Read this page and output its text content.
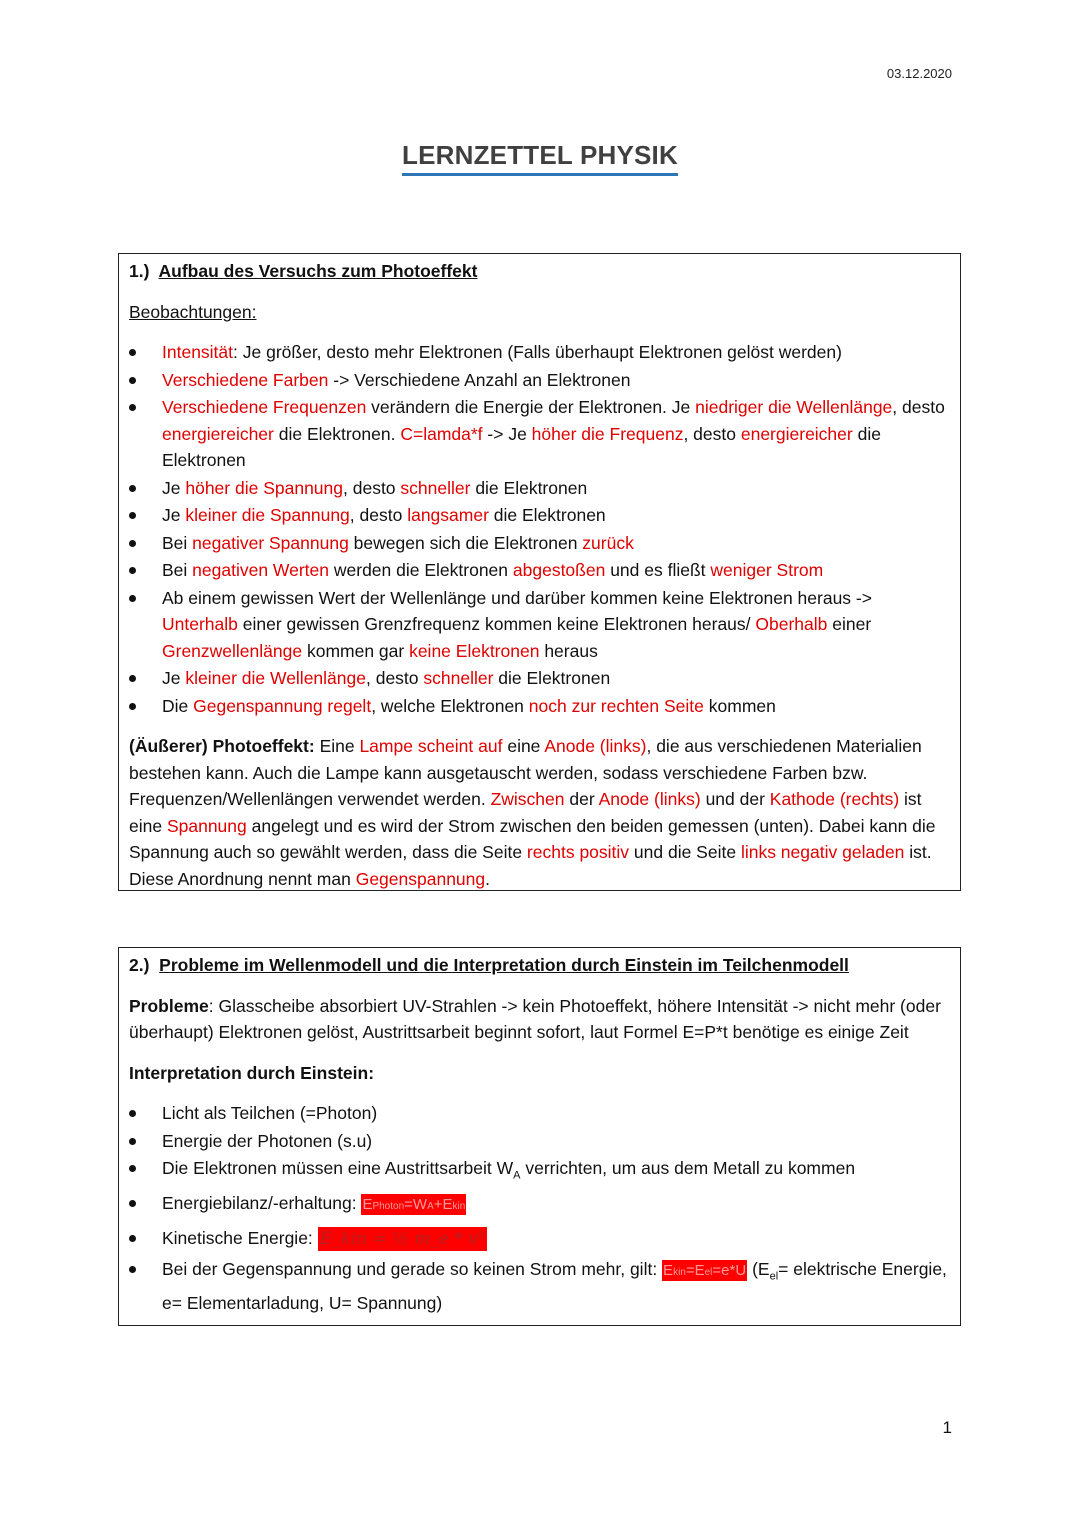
03.12.2020
LERNZETTEL PHYSIK
1.) Aufbau des Versuchs zum Photoeffekt
Beobachtungen:
Intensität: Je größer, desto mehr Elektronen (Falls überhaupt Elektronen gelöst werden)
Verschiedene Farben -> Verschiedene Anzahl an Elektronen
Verschiedene Frequenzen verändern die Energie der Elektronen. Je niedriger die Wellenlänge, desto energiereicher die Elektronen. C=lamda*f -> Je höher die Frequenz, desto energiereicher die Elektronen
Je höher die Spannung, desto schneller die Elektronen
Je kleiner die Spannung, desto langsamer die Elektronen
Bei negativer Spannung bewegen sich die Elektronen zurück
Bei negativen Werten werden die Elektronen abgestoßen und es fließt weniger Strom
Ab einem gewissen Wert der Wellenlänge und darüber kommen keine Elektronen heraus -> Unterhalb einer gewissen Grenzfrequenz kommen keine Elektronen heraus/ Oberhalb einer Grenzwellenlänge kommen gar keine Elektronen heraus
Je kleiner die Wellenlänge, desto schneller die Elektronen
Die Gegenspannung regelt, welche Elektronen noch zur rechten Seite kommen

(Äußerer) Photoeffekt: Eine Lampe scheint auf eine Anode (links), die aus verschiedenen Materialien bestehen kann. Auch die Lampe kann ausgetauscht werden, sodass verschiedene Farben bzw. Frequenzen/Wellenlängen verwendet werden. Zwischen der Anode (links) und der Kathode (rechts) ist eine Spannung angelegt und es wird der Strom zwischen den beiden gemessen (unten). Dabei kann die Spannung auch so gewählt werden, dass die Seite rechts positiv und die Seite links negativ geladen ist. Diese Anordnung nennt man Gegenspannung.

2.) Probleme im Wellenmodell und die Interpretation durch Einstein im Teilchenmodell

Probleme: Glasscheibe absorbiert UV-Strahlen -> kein Photoeffekt, höhere Intensität -> nicht mehr (oder überhaupt) Elektronen gelöst, Austrittsarbeit beginnt sofort, laut Formel E=P*t benötige es einige Zeit

Interpretation durch Einstein:
Licht als Teilchen (=Photon)
Energie der Photonen (s.u)
Die Elektronen müssen eine Austrittsarbeit $W_A$ verrichten, um aus dem Metall zu kommen
Energiebilanz/-erhaltung: EPhoton=WA+Ekin
Kinetische Energie: E_kin = ½ m_e * v²
Bei der Gegenspannung und gerade so keinen Strom mehr, gilt: Ekin=Eel=e*U ($E_{el}=$ elektrische Energie, e= Elementarladung, U= Spannung)
1
